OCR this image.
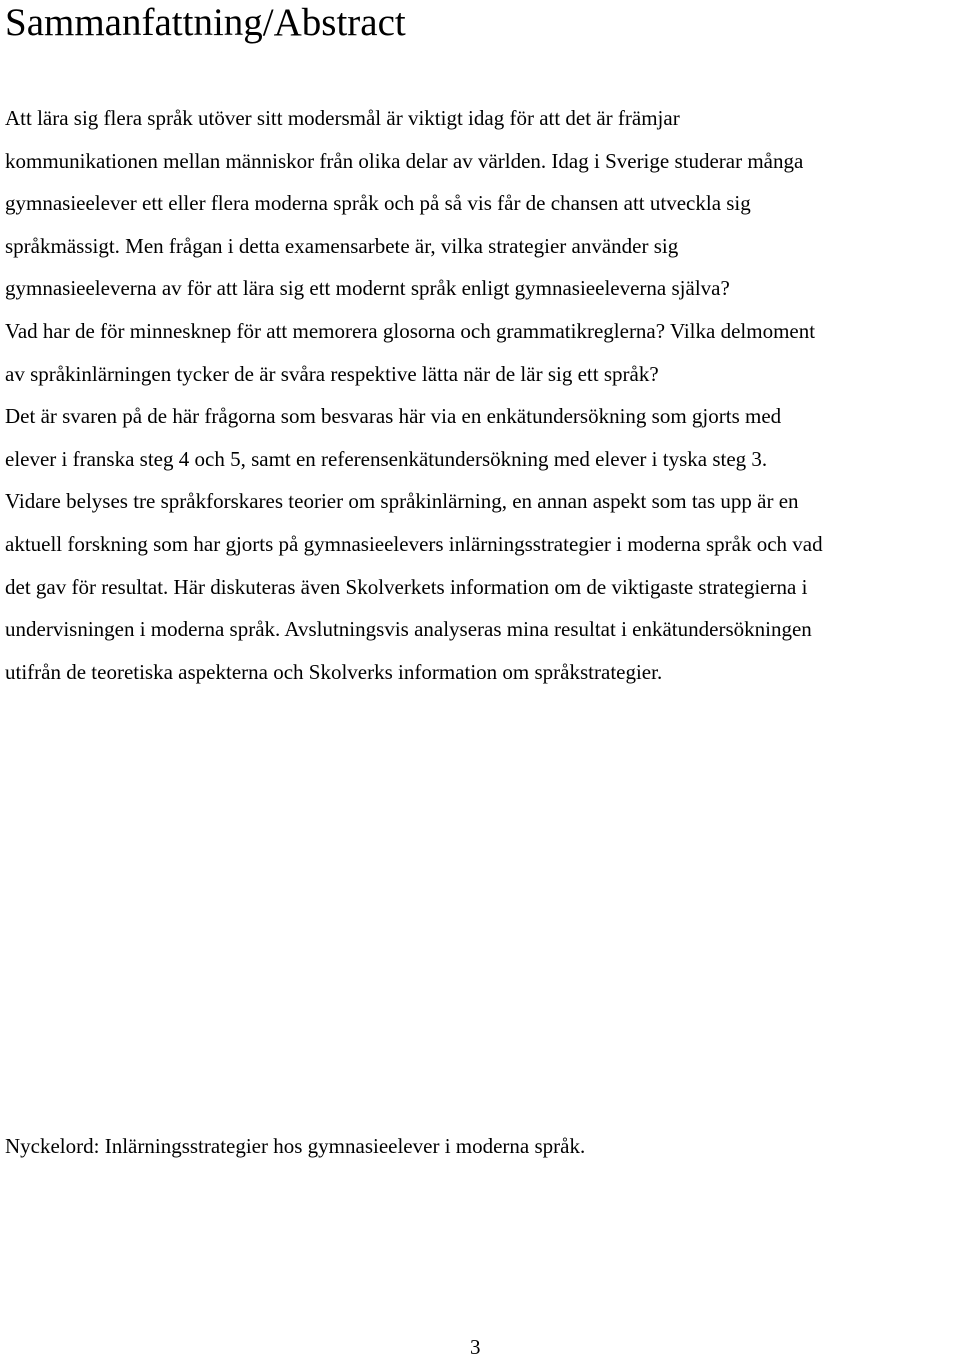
Sammanfattning/Abstract
Att lära sig flera språk utöver sitt modersmål är viktigt idag för att det är främjar
kommunikationen mellan människor från olika delar av världen. Idag i Sverige studerar många
gymnasieelever ett eller flera moderna språk och på så vis får de chansen att utveckla sig
språkmässigt. Men frågan i detta examensarbete är, vilka strategier använder sig
gymnasieeleverna av för att lära sig ett modernt språk enligt gymnasieeleverna själva?
Vad har de för minnesknep för att memorera glosorna och grammatikreglerna? Vilka delmoment
av språkinlärningen tycker de är svåra respektive lätta när de lär sig ett språk?
Det är svaren på de här frågorna som besvaras här via en enkätundersökning som gjorts med
elever i franska steg 4 och 5, samt en referensenkätundersökning med elever i tyska steg 3.
Vidare belyses tre språkforskares teorier om språkinlärning, en annan aspekt som tas upp är en
aktuell forskning som har gjorts på gymnasieelevers inlärningsstrategier i moderna språk och vad
det gav för resultat. Här diskuteras även Skolverkets information om de viktigaste strategierna i
undervisningen i moderna språk. Avslutningsvis analyseras mina resultat i enkätundersökningen
utifrån de teoretiska aspekterna och Skolverks information om språkstrategier.
Nyckelord: Inlärningsstrategier hos gymnasieelever i moderna språk.
3
